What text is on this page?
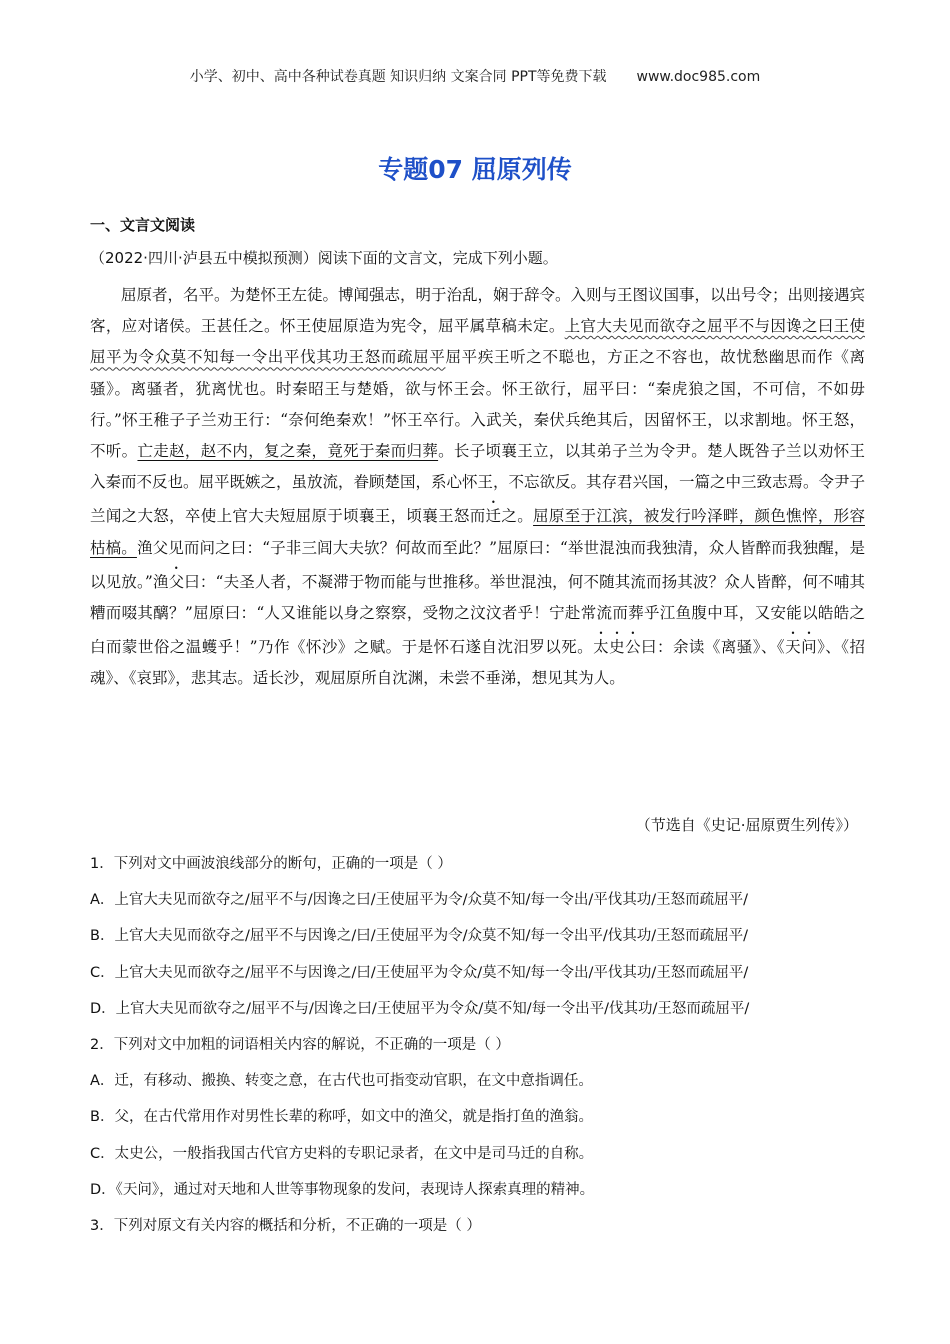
小学、初中、高中各种试卷真题 知识归纳 文案合同 PPT等免费下载 www.doc985.com
专题07 屈原列传
一、文言文阅读
（2022·四川·泸县五中模拟预测）阅读下面的文言文，完成下列小题。

屈原者，名平。为楚怀王左徒。博闻强志，明于治乱，娴于辞令。入则与王图议国事，以出号令；出则接遇宾客，应对诸侯。王甚任之。怀王使屈原造为宪令，屈平属草稿未定。上官大夫见而欲夺之屈平不与因谗之曰王使屈平为令众莫不知每一令出平伐其功王怒而疏屈平屈平疾王听之不聪也，方正之不容也，故忧愁幽思而作《离骚》。离骚者，犹离忧也。时秦昭王与楚婚，欲与怀王会。怀王欲行，屈平曰：“秦虎狼之国，不可信，不如毋行。”怀王稚子子兰劝王行：“奈何绝秦欢！”怀王卒行。入武关，秦伏兵绝其后，因留怀王，以求割地。怀王怒，不听。亡走赵，赵不内，复之秦，竟死于秦而归葬。长子顷襄王立，以其弟子兰为令尹。楚人既咎子兰以劝怀王入秦而不反也。屈平既嫉之，虽放流，眷顾楚国，系心怀王，不忘欲反。其存君兴国，一篇之中三致志焉。令尹子兰闻之大怒，卒使上官大夫短屈原于顷襄王，顷襄王怒而迁之。屈原至于江滨，被发行吟泽畔，颜色憔悴，形容枯槁。渔父见而问之曰：“子非三闾大夫欤？何故而至此？”屈原曰：“举世混浊而我独清，众人皆醉而我独醒，是以见放。”渔父曰：“夫圣人者，不凝滞于物而能与世推移。举世混浊，何不随其流而扬其波？众人皆醉，何不哺其糟而啜其醨？”屈原曰：“人又谁能以身之察察，受物之汶汶者乎！宁赴常流而葬乎江鱼腹中耳，又安能以皓皓之白而蒙世俗之温蠖乎！”乃作《怀沙》之赋。于是怀石遂自沈汨罗以死。太史公曰：余读《离骚》、《天问》、《招魂》、《哀郢》，悲其志。适长沙，观屈原所自沈渊，未尝不垂涕，想见其为人。

（节选自《史记·屈原贾生列传》）
1．下列对文中画波浪线部分的断句，正确的一项是（ ）
A．上官大夫见而欲夺之/屈平不与/因谗之曰/王使屈平为令/众莫不知/每一令出/平伐其功/王怒而疏屈平/
B．上官大夫见而欲夺之/屈平不与因谗之/曰/王使屈平为令/众莫不知/每一令出平/伐其功/王怒而疏屈平/
C．上官大夫见而欲夺之/屈平不与因谗之/曰/王使屈平为令众/莫不知/每一令出/平伐其功/王怒而疏屈平/
D．上官大夫见而欲夺之/屈平不与/因谗之曰/王使屈平为令众/莫不知/每一令出平/伐其功/王怒而疏屈平/
2．下列对文中加粗的词语相关内容的解说，不正确的一项是（ ）
A．迁，有移动、搬换、转变之意，在古代也可指变动官职，在文中意指调任。
B．父，在古代常用作对男性长辈的称呼，如文中的渔父，就是指打鱼的渔翁。
C．太史公，一般指我国古代官方史料的专职记录者，在文中是司马迁的自称。
D．《天问》，通过对天地和人世等事物现象的发问，表现诗人探索真理的精神。
3．下列对原文有关内容的概括和分析，不正确的一项是（ ）
